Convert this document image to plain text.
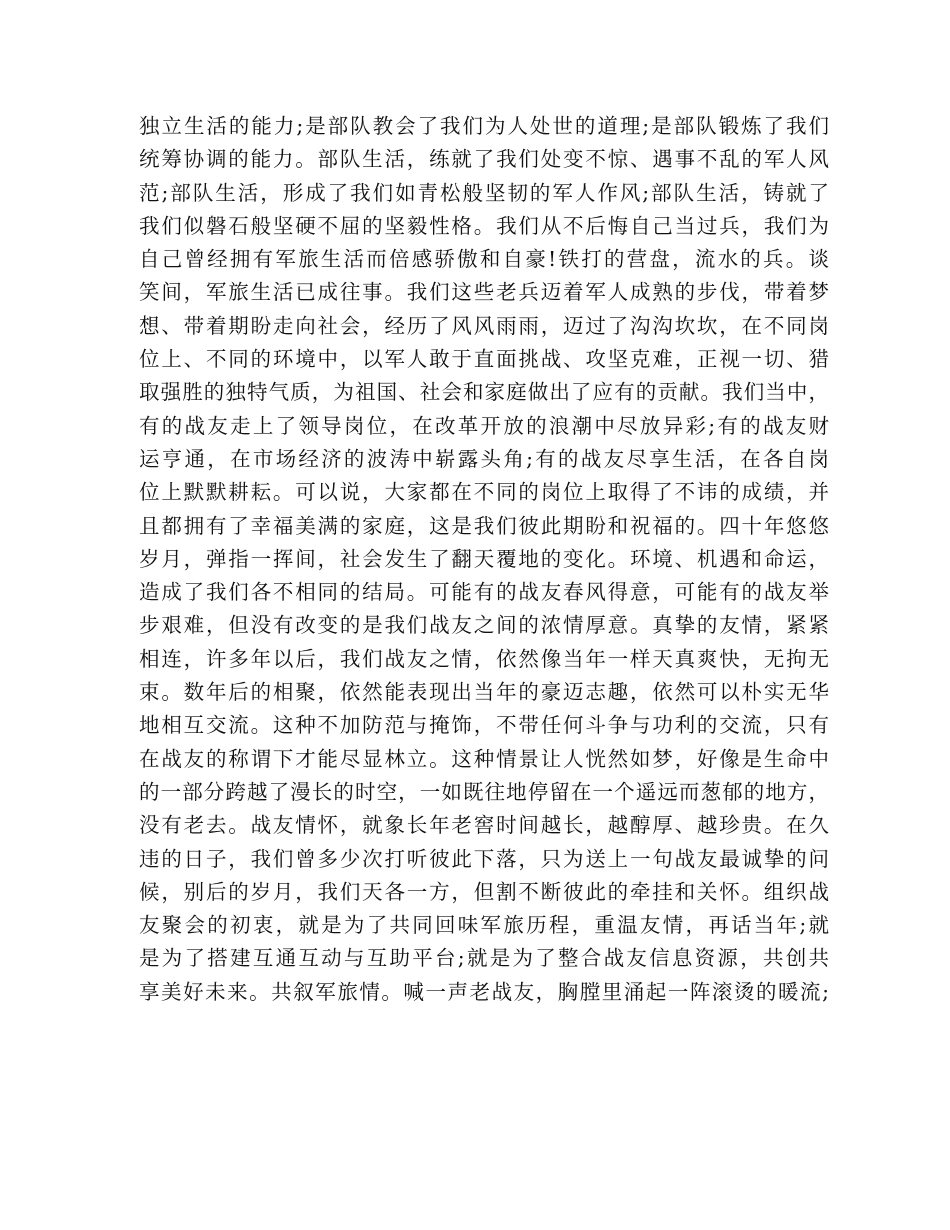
独立生活的能力;是部队教会了我们为人处世的道理;是部队锻炼了我们
统筹协调的能力。部队生活，练就了我们处变不惊、遇事不乱的军人风
范;部队生活，形成了我们如青松般坚韧的军人作风;部队生活，铸就了
我们似磐石般坚硬不屈的坚毅性格。我们从不后悔自己当过兵，我们为
自己曾经拥有军旅生活而倍感骄傲和自豪!铁打的营盘，流水的兵。谈
笑间，军旅生活已成往事。我们这些老兵迈着军人成熟的步伐，带着梦
想、带着期盼走向社会，经历了风风雨雨，迈过了沟沟坎坎，在不同岗
位上、不同的环境中，以军人敢于直面挑战、攻坚克难，正视一切、猎
取强胜的独特气质，为祖国、社会和家庭做出了应有的贡献。我们当中，
有的战友走上了领导岗位，在改革开放的浪潮中尽放异彩;有的战友财
运亨通，在市场经济的波涛中崭露头角;有的战友尽享生活，在各自岗
位上默默耕耘。可以说，大家都在不同的岗位上取得了不讳的成绩，并
且都拥有了幸福美满的家庭，这是我们彼此期盼和祝福的。四十年悠悠
岁月，弹指一挥间，社会发生了翻天覆地的变化。环境、机遇和命运，
造成了我们各不相同的结局。可能有的战友春风得意，可能有的战友举
步艰难，但没有改变的是我们战友之间的浓情厚意。真挚的友情，紧紧
相连，许多年以后，我们战友之情，依然像当年一样天真爽快，无拘无
束。数年后的相聚，依然能表现出当年的豪迈志趣，依然可以朴实无华
地相互交流。这种不加防范与掩饰，不带任何斗争与功利的交流，只有
在战友的称谓下才能尽显林立。这种情景让人恍然如梦，好像是生命中
的一部分跨越了漫长的时空，一如既往地停留在一个遥远而葱郁的地方，
没有老去。战友情怀，就象长年老窖时间越长，越醇厚、越珍贵。在久
违的日子，我们曾多少次打听彼此下落，只为送上一句战友最诚挚的问
候，别后的岁月，我们天各一方，但割不断彼此的牵挂和关怀。组织战
友聚会的初衷，就是为了共同回味军旅历程，重温友情，再话当年;就
是为了搭建互通互动与互助平台;就是为了整合战友信息资源，共创共
享美好未来。共叙军旅情。喊一声老战友，胸膛里涌起一阵滚烫的暖流;
